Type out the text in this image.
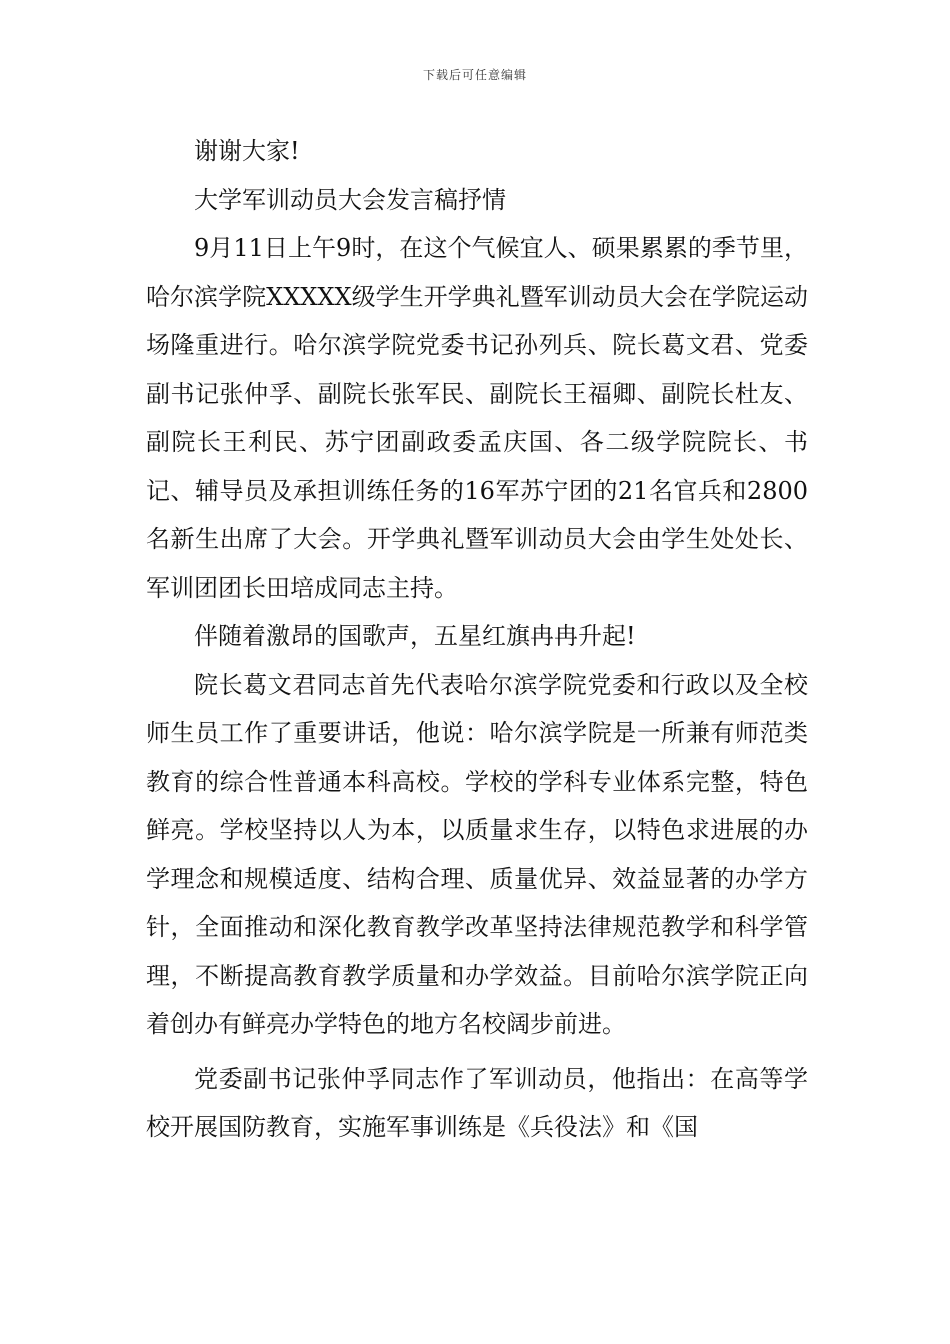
下载后可任意编辑

谢谢大家!

大学军训动员大会发言稿抒情

9月11日上午9时，在这个气候宜人、硕果累累的季节里，哈尔滨学院XXXXX级学生开学典礼暨军训动员大会在学院运动场隆重进行。哈尔滨学院党委书记孙列兵、院长葛文君、党委副书记张仲孚、副院长张军民、副院长王福卿、副院长杜友、副院长王利民、苏宁团副政委孟庆国、各二级学院院长、书记、辅导员及承担训练任务的16军苏宁团的21名官兵和2800名新生出席了大会。开学典礼暨军训动员大会由学生处处长、军训团团长田培成同志主持。

伴随着激昂的国歌声，五星红旗冉冉升起!

院长葛文君同志首先代表哈尔滨学院党委和行政以及全校师生员工作了重要讲话，他说：哈尔滨学院是一所兼有师范类教育的综合性普通本科高校。学校的学科专业体系完整，特色鲜亮。学校坚持以人为本，以质量求生存，以特色求进展的办学理念和规模适度、结构合理、质量优异、效益显著的办学方针，全面推动和深化教育教学改革坚持法律规范教学和科学管理，不断提高教育教学质量和办学效益。目前哈尔滨学院正向着创办有鲜亮办学特色的地方名校阔步前进。

党委副书记张仲孚同志作了军训动员，他指出：在高等学校开展国防教育，实施军事训练是《兵役法》和《国
